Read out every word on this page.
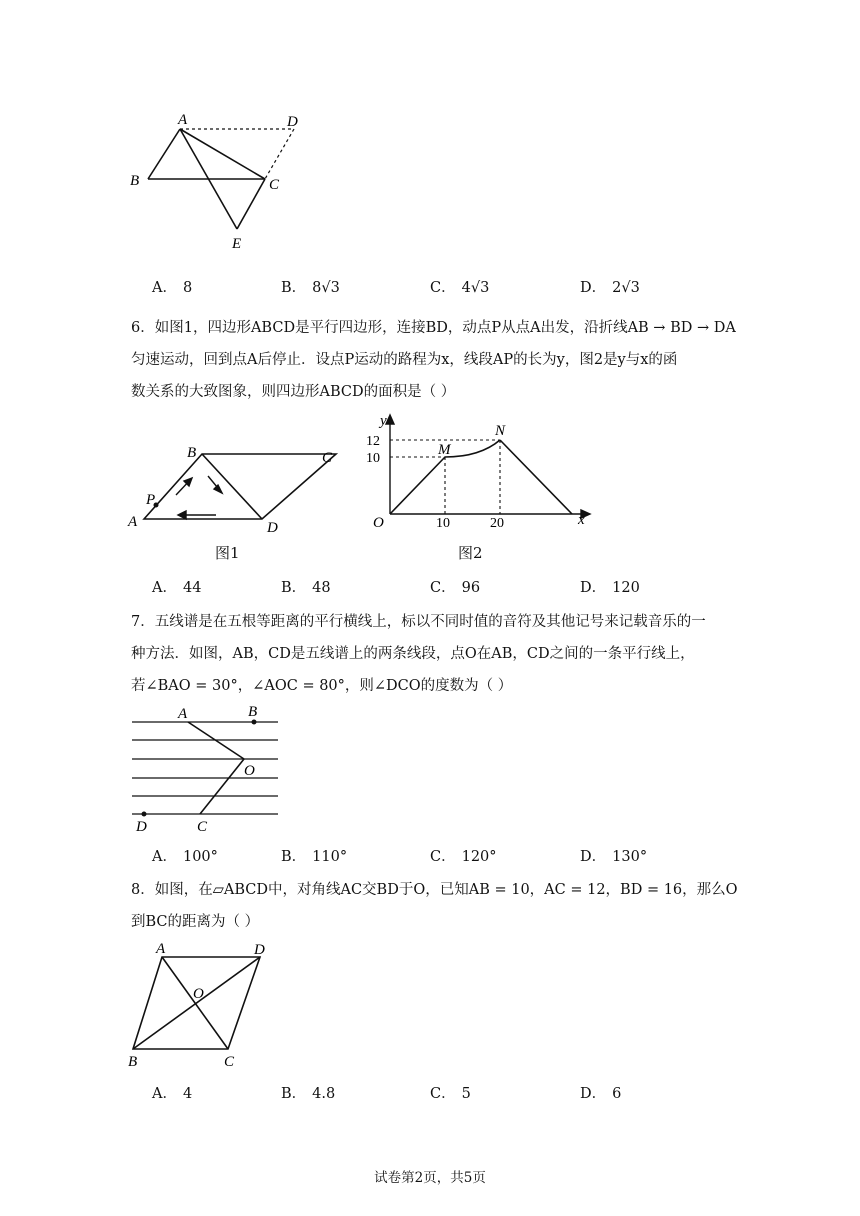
A	D
B	C
E
A． 8	B． 8√3	C． 4√3	D． 2√3
6．如图1，四边形ABCD是平行四边形，连接BD，动点P从点A出发，沿折线AB → BD → DA
匀速运动，回到点A后停止．设点P运动的路程为x，线段AP的长为y，图2是y与x的函
数关系的大致图象，则四边形ABCD的面积是（ ）
P
A
B	C
D
图1
y
x
O
12
10
10	20
M
N
图2
A． 44	B． 48	C． 96	D． 120
7．五线谱是在五根等距离的平行横线上，标以不同时值的音符及其他记号来记载音乐的一
种方法．如图，AB，CD是五线谱上的两条线段，点O在AB，CD之间的一条平行线上，
若∠BAO = 30°，∠AOC = 80°，则∠DCO的度数为（ ）
A	B
O
D	C
A． 100°	B． 110°	C． 120°	D． 130°
8．如图，在▱ABCD中，对角线AC交BD于O，已知AB = 10，AC = 12，BD = 16，那么O
到BC的距离为（ ）
A	D
O
B	C
A． 4	B． 4.8	C． 5	D． 6
试卷第2页，共5页
